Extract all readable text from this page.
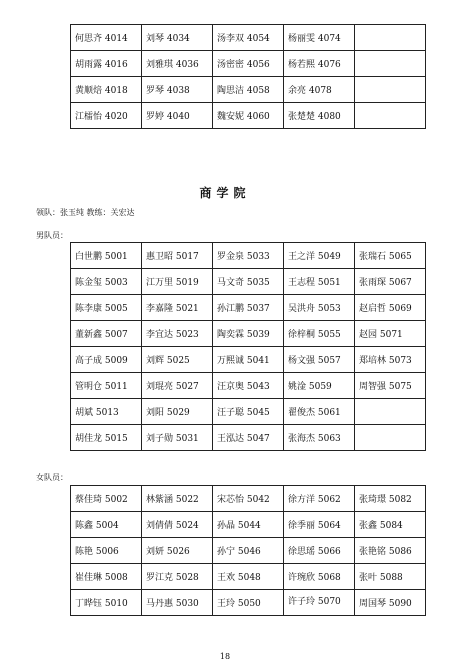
何思齐 4014	刘琴 4034	汤李双 4054	杨丽雯 4074	
胡雨露 4016	刘雅琪 4036	汤密密 4056	杨若熙 4076	
黄顺焙 4018	罗琴 4038	陶思洁 4058	余亮 4078	
江檑怡 4020	罗婷 4040	魏安妮 4060	张楚楚 4080	
商学院
领队：张玉纯 教练：关宏达
男队员：
白世鹏 5001	惠卫昭 5017	罗金泉 5033	王之洋 5049	张瑞石 5065
陈金玺 5003	江万里 5019	马文奇 5035	王志程 5051	张雨琛 5067
陈李康 5005	李嘉隆 5021	孙江鹏 5037	吴洪舟 5053	赵启哲 5069
董新鑫 5007	李宜达 5023	陶奕霖 5039	徐梓桐 5055	赵园 5071
高子成 5009	刘辉 5025	万熙诚 5041	杨文强 5057	郑培林 5073
管明仓 5011	刘琨亮 5027	汪京奥 5043	姚淦 5059	周智强 5075
胡斌 5013	刘阳 5029	汪子聪 5045	翟俊杰 5061	
胡佳龙 5015	刘子勋 5031	王泓达 5047	张海杰 5063	
女队员：
蔡佳琦 5002	林紫涵 5022	宋芯怡 5042	徐方洋 5062	张琦璟 5082
陈鑫 5004	刘倩倩 5024	孙晶 5044	徐季丽 5064	张鑫 5084
陈艳 5006	刘妍 5026	孙宁 5046	徐思瑶 5066	张艳铭 5086
崔佳琳 5008	罗江克 5028	王欢 5048	许琬欣 5068	张叶 5088
丁晔钰 5010	马丹惠 5030	王玲 5050	许子玲 5070	周国琴 5090
18
